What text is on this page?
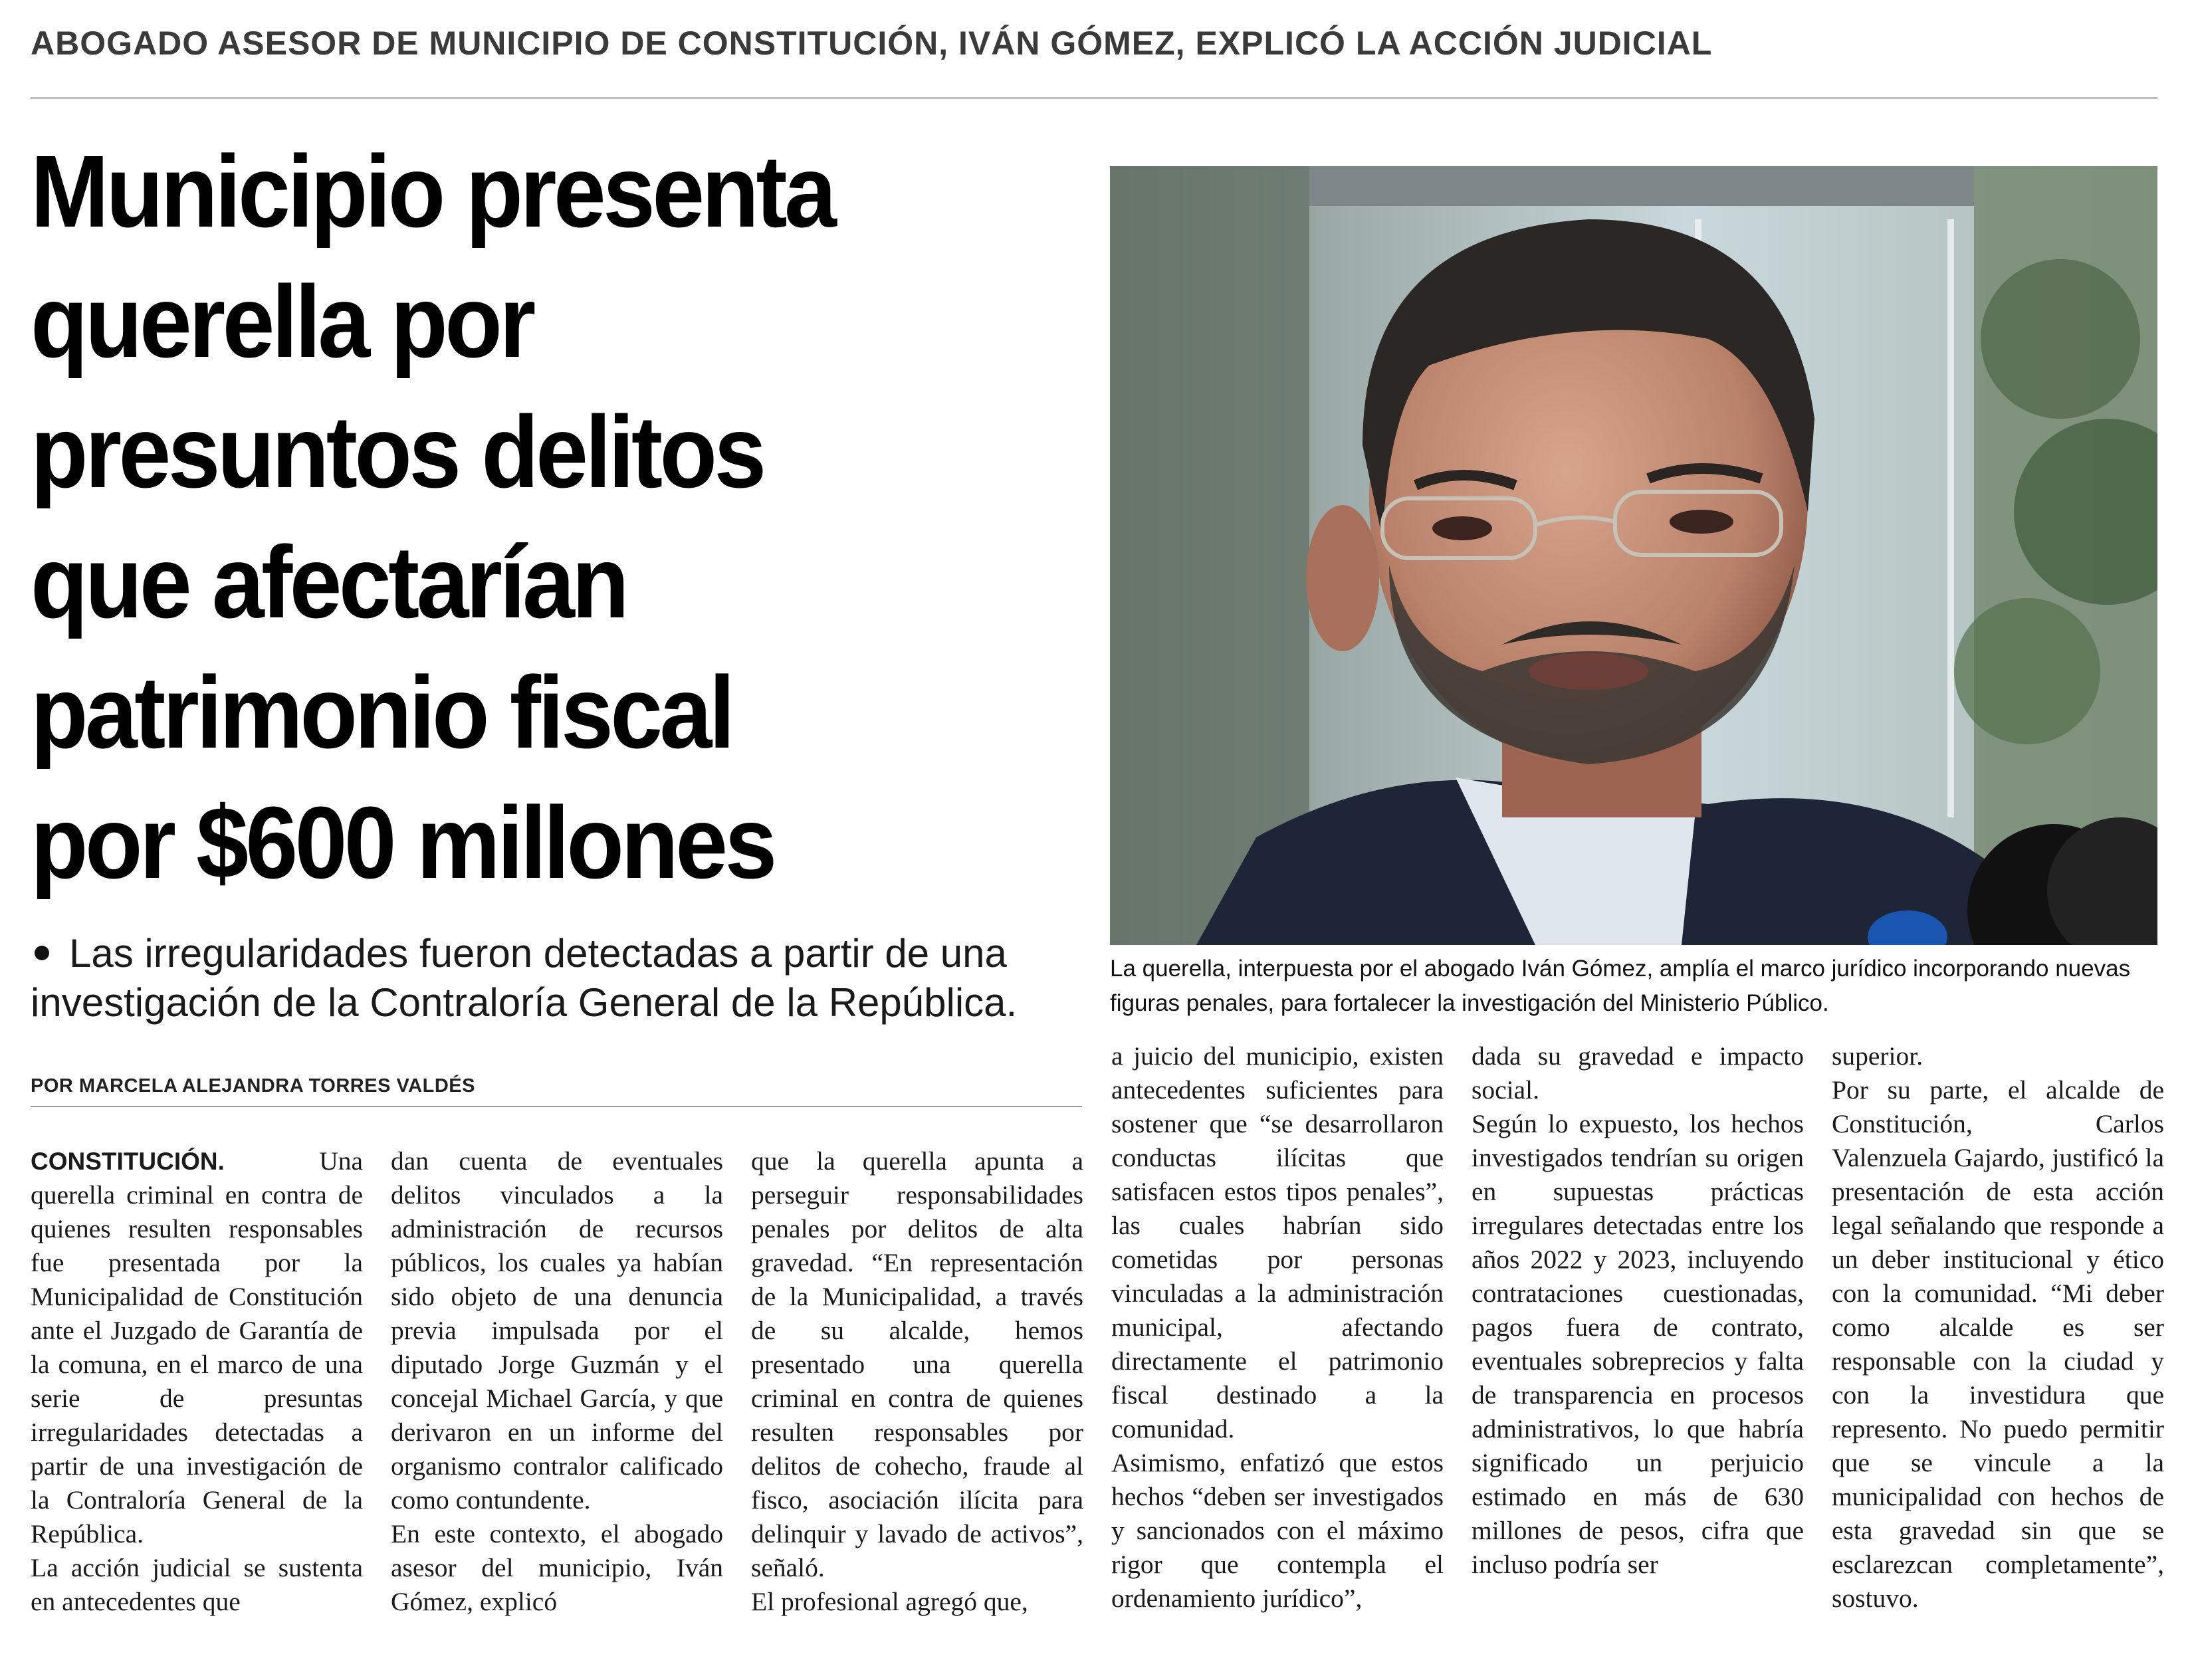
ABOGADO ASESOR DE MUNICIPIO DE CONSTITUCIÓN, IVÁN GÓMEZ, EXPLICÓ LA ACCIÓN JUDICIAL
Municipio presenta
querella por
presuntos delitos
que afectarían
patrimonio fiscal
por $600 millones
Las irregularidades fueron detectadas a partir de una investigación de la Contraloría General de la República.
POR MARCELA ALEJANDRA TORRES VALDÉS
La querella, interpuesta por el abogado Iván Gómez, amplía el marco jurídico incorporando nuevas figuras penales, para fortalecer la investigación del Ministerio Público.

CONSTITUCIÓN.	Una querella criminal en contra de quienes resulten responsables fue presentada por la Municipalidad de Constitución ante el Juzgado de Garantía de la comuna, en el marco de una serie de presuntas irregularidades detectadas a partir de una investigación de la Contraloría General de la República.

La acción judicial se sustenta en antecedentes que

dan cuenta de eventuales delitos vinculados a la administración de recursos públicos, los cuales ya habían sido objeto de una denuncia previa impulsada por el diputado Jorge Guzmán y el concejal Michael García, y que derivaron en un informe del organismo contralor calificado como contundente.

En este contexto, el abogado asesor del municipio, Iván Gómez, explicó

que la querella apunta a perseguir responsabilidades penales por delitos de alta gravedad. “En representación de la Municipalidad, a través de su alcalde, hemos presentado una querella criminal en contra de quienes resulten responsables por delitos de cohecho, fraude al fisco, asociación ilícita para delinquir y lavado de activos”, señaló.

El profesional agregó que,

a juicio del municipio, existen antecedentes suficientes para sostener que “se desarrollaron conductas ilícitas que satisfacen estos tipos penales”, las cuales habrían sido cometidas por personas vinculadas a la administración municipal, afectando directamente el patrimonio fiscal destinado a la comunidad.

Asimismo, enfatizó que estos hechos “deben ser investigados y sancionados con el máximo rigor que contempla el ordenamiento jurídico”,

dada su gravedad e impacto social.

Según lo expuesto, los hechos investigados tendrían su origen en supuestas prácticas irregulares detectadas entre los años 2022 y 2023, incluyendo contrataciones cuestionadas, pagos fuera de contrato, eventuales sobreprecios y falta de transparencia en procesos administrativos, lo que habría significado un perjuicio estimado en más de 630 millones de pesos, cifra que incluso podría ser

superior.

Por su parte, el alcalde de Constitución, Carlos Valenzuela Gajardo, justificó la presentación de esta acción legal señalando que responde a un deber institucional y ético con la comunidad. “Mi deber como alcalde es ser responsable con la ciudad y con la investidura que represento. No puedo permitir que se vincule a la municipalidad con hechos de esta gravedad sin que se esclarezcan completamente”, sostuvo.
